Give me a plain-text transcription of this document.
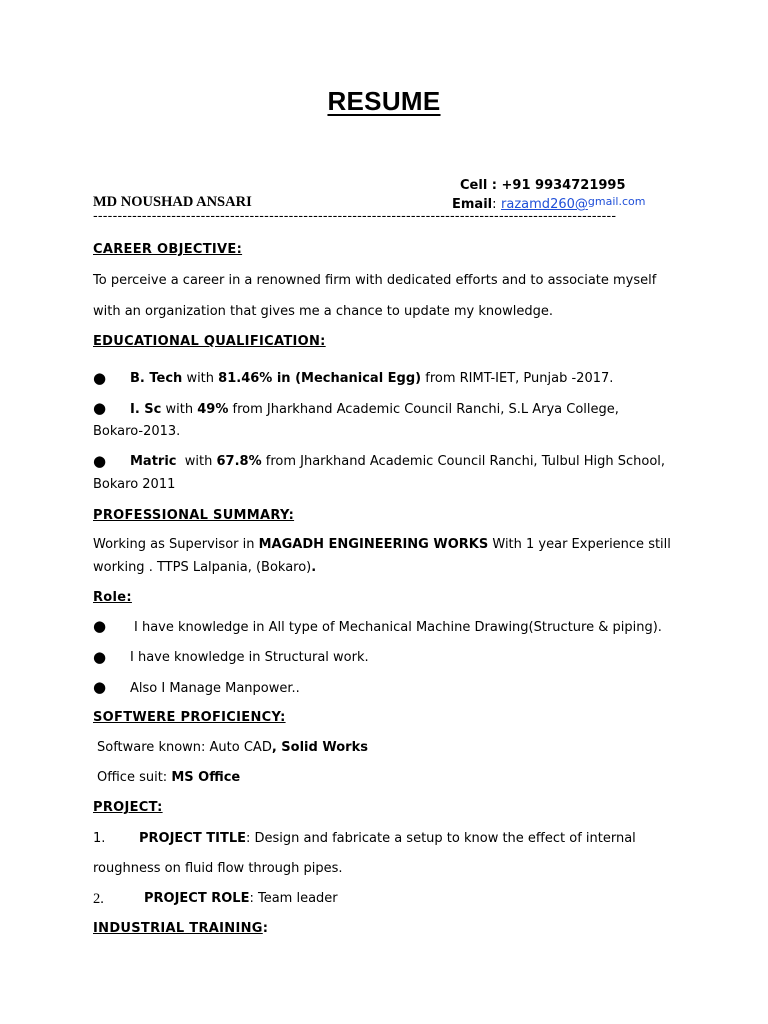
RESUME
Cell : +91 9934721995
MD NOUSHAD ANSARI	Email: razamd260@$^{gmail.com}$
-----------------------------------------------------------------------------------------------------------
CAREER OBJECTIVE:
To perceive a career in a renowned firm with dedicated efforts and to associate myself
with an organization that gives me a chance to update my knowledge.
EDUCATIONAL QUALIFICATION:
● B. Tech with 81.46% in (Mechanical Egg) from RIMT-IET, Punjab -2017.
● I. Sc with 49% from Jharkhand Academic Council Ranchi, S.L Arya College,
Bokaro-2013.
● Matric with 67.8% from Jharkhand Academic Council Ranchi, Tulbul High School,
Bokaro 2011
PROFESSIONAL SUMMARY:
Working as Supervisor in MAGADH ENGINEERING WORKS With 1 year Experience still
working . TTPS Lalpania, (Bokaro).
Role:
● I have knowledge in All type of Mechanical Machine Drawing(Structure & piping).
● I have knowledge in Structural work.
● Also I Manage Manpower..
SOFTWERE PROFICIENCY:
Software known: Auto CAD, Solid Works
Office suit: MS Office
PROJECT:
1.	PROJECT TITLE: Design and fabricate a setup to know the effect of internal
roughness on fluid flow through pipes.
2.	PROJECT ROLE: Team leader
INDUSTRIAL TRAINING:
